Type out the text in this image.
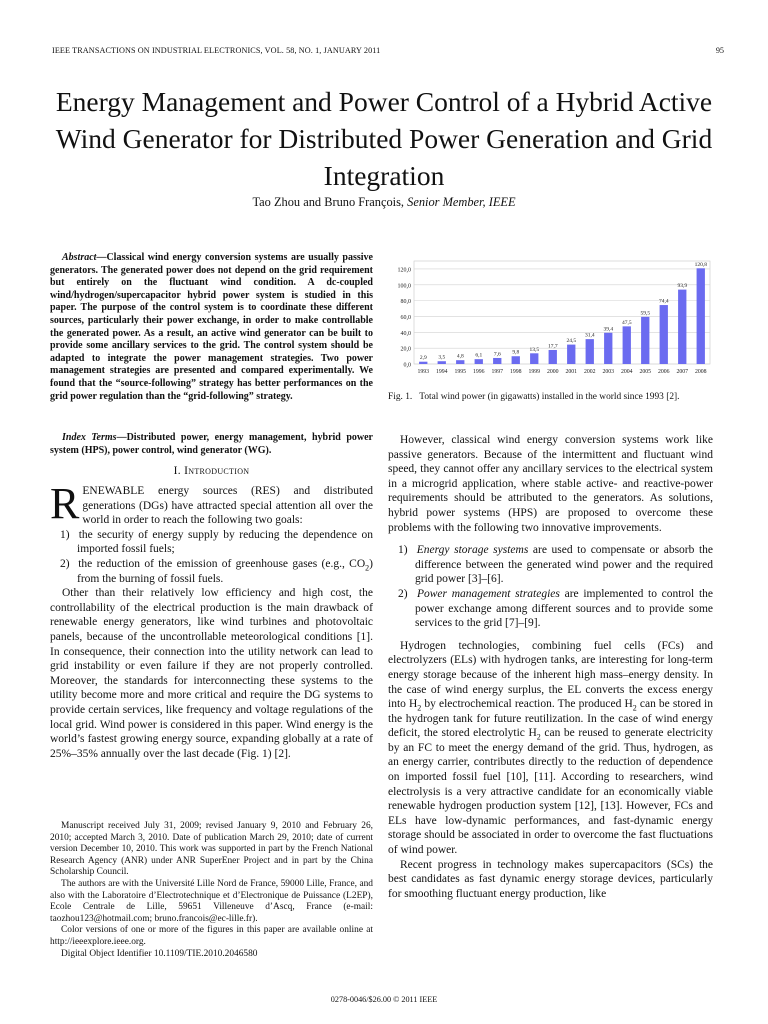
IEEE TRANSACTIONS ON INDUSTRIAL ELECTRONICS, VOL. 58, NO. 1, JANUARY 2011	95
Energy Management and Power Control of a Hybrid Active Wind Generator for Distributed Power Generation and Grid Integration
Tao Zhou and Bruno François, Senior Member, IEEE
Abstract—Classical wind energy conversion systems are usually passive generators. The generated power does not depend on the grid requirement but entirely on the fluctuant wind condition. A dc-coupled wind/hydrogen/supercapacitor hybrid power system is studied in this paper. The purpose of the control system is to coordinate these different sources, particularly their power exchange, in order to make controllable the generated power. As a result, an active wind generator can be built to provide some ancillary services to the grid. The control system should be adapted to integrate the power management strategies. Two power management strategies are presented and compared experimentally. We found that the “source-following” strategy has better performances on the grid power regulation than the “grid-following” strategy.
Index Terms—Distributed power, energy management, hybrid power system (HPS), power control, wind generator (WG).
I. Introduction
RENEWABLE energy sources (RES) and distributed generations (DGs) have attracted special attention all over the world in order to reach the following two goals:
1) the security of energy supply by reducing the dependence on imported fossil fuels;
2) the reduction of the emission of greenhouse gases (e.g., $CO_2$) from the burning of fossil fuels.
Other than their relatively low efficiency and high cost, the controllability of the electrical production is the main drawback of renewable energy generators, like wind turbines and photovoltaic panels, because of the uncontrollable meteorological conditions [1]. In consequence, their connection into the utility network can lead to grid instability or even failure if they are not properly controlled. Moreover, the standards for interconnecting these systems to the utility become more and more critical and require the DG systems to provide certain services, like frequency and voltage regulations of the local grid. Wind power is considered in this paper. Wind energy is the world’s fastest growing energy source, expanding globally at a rate of 25%–35% annually over the last decade (Fig. 1) [2].

Manuscript received July 31, 2009; revised January 9, 2010 and February 26, 2010; accepted March 3, 2010. Date of publication March 29, 2010; date of current version December 10, 2010. This work was supported in part by the French National Research Agency (ANR) under ANR SuperEner Project and in part by the China Scholarship Council.

The authors are with the Université Lille Nord de France, 59000 Lille, France, and also with the Laboratoire d’Electrotechnique et d’Electronique de Puissance (L2EP), Ecole Centrale de Lille, 59651 Villeneuve d’Ascq, France (e-mail: taozhou123@hotmail.com; bruno.francois@ec-lille.fr).

Color versions of one or more of the figures in this paper are available online at http://ieeexplore.ieee.org.

Digital Object Identifier 10.1109/TIE.2010.2046580

0,0
20,0
40,0
60,0
80,0
100,0
120,0
2,9
1993
3,5
1994
4,8
1995
6,1
1996
7,6
1997
9,8
1998
13,5
1999
17,7
2000
24,5
2001
31,4
2002
39,4
2003
47,5
2004
59,5
2005
74,4
2006
93,9
2007
120,8
2008
Fig. 1. Total wind power (in gigawatts) installed in the world since 1993 [2].

However, classical wind energy conversion systems work like passive generators. Because of the intermittent and fluctuant wind speed, they cannot offer any ancillary services to the electrical system in a microgrid application, where stable active- and reactive-power requirements should be attributed to the generators. As solutions, hybrid power systems (HPS) are proposed to overcome these problems with the following two innovative improvements.

1) Energy storage systems are used to compensate or absorb the difference between the generated wind power and the required grid power [3]–[6].
2) Power management strategies are implemented to control the power exchange among different sources and to provide some services to the grid [7]–[9].

Hydrogen technologies, combining fuel cells (FCs) and electrolyzers (ELs) with hydrogen tanks, are interesting for long-term energy storage because of the inherent high mass–energy density. In the case of wind energy surplus, the EL converts the excess energy into $H_2$ by electrochemical reaction. The produced $H_2$ can be stored in the hydrogen tank for future reutilization. In the case of wind energy deficit, the stored electrolytic $H_2$ can be reused to generate electricity by an FC to meet the energy demand of the grid. Thus, hydrogen, as an energy carrier, contributes directly to the reduction of dependence on imported fossil fuel [10], [11]. According to researchers, wind electrolysis is a very attractive candidate for an economically viable renewable hydrogen production system [12], [13]. However, FCs and ELs have low-dynamic performances, and fast-dynamic energy storage should be associated in order to overcome the fast fluctuations of wind power.

Recent progress in technology makes supercapacitors (SCs) the best candidates as fast dynamic energy storage devices, particularly for smoothing fluctuant energy production, like

0278-0046/$26.00 © 2011 IEEE
